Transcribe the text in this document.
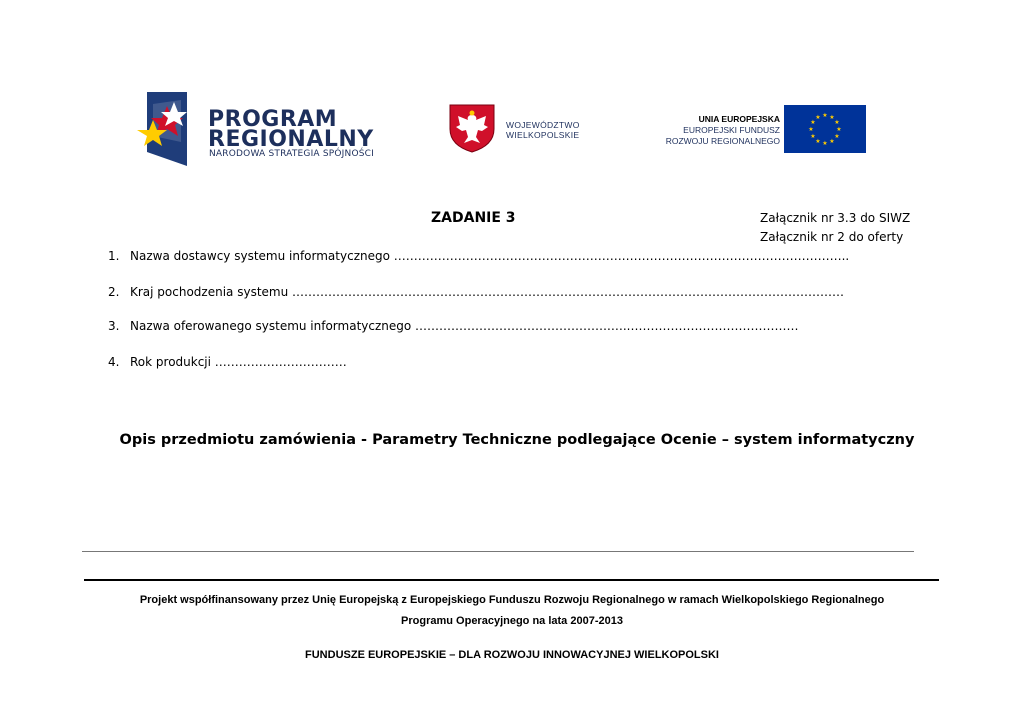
PROGRAM
REGIONALNY
NARODOWA STRATEGIA SPÓJNOŚCI
WOJEWÓDZTWO
WIELKOPOLSKIE
UNIA EUROPEJSKA
EUROPEJSKI FUNDUSZ
ROZWOJU REGIONALNEGO
★ ★
★
★
★
★
★
★
★
★
★
★
ZADANIE 3	Załącznik nr 3.3 do SIWZ
Załącznik nr 2 do oferty
1. Nazwa dostawcy systemu informatycznego ………………………………………………….………………………………………………..
2. Kraj pochodzenia systemu …………………………………………………………………………………………………………………………
3. Nazwa oferowanego systemu informatycznego ………………………………………….…..……………………………………
4. Rok produkcji ……………………………
Opis przedmiotu zamówienia - Parametry Techniczne podlegające Ocenie – system informatyczny
Projekt współfinansowany przez Unię Europejską z Europejskiego Funduszu Rozwoju Regionalnego w ramach Wielkopolskiego Regionalnego
Programu Operacyjnego na lata 2007-2013
FUNDUSZE EUROPEJSKIE – DLA ROZWOJU INNOWACYJNEJ WIELKOPOLSKI
